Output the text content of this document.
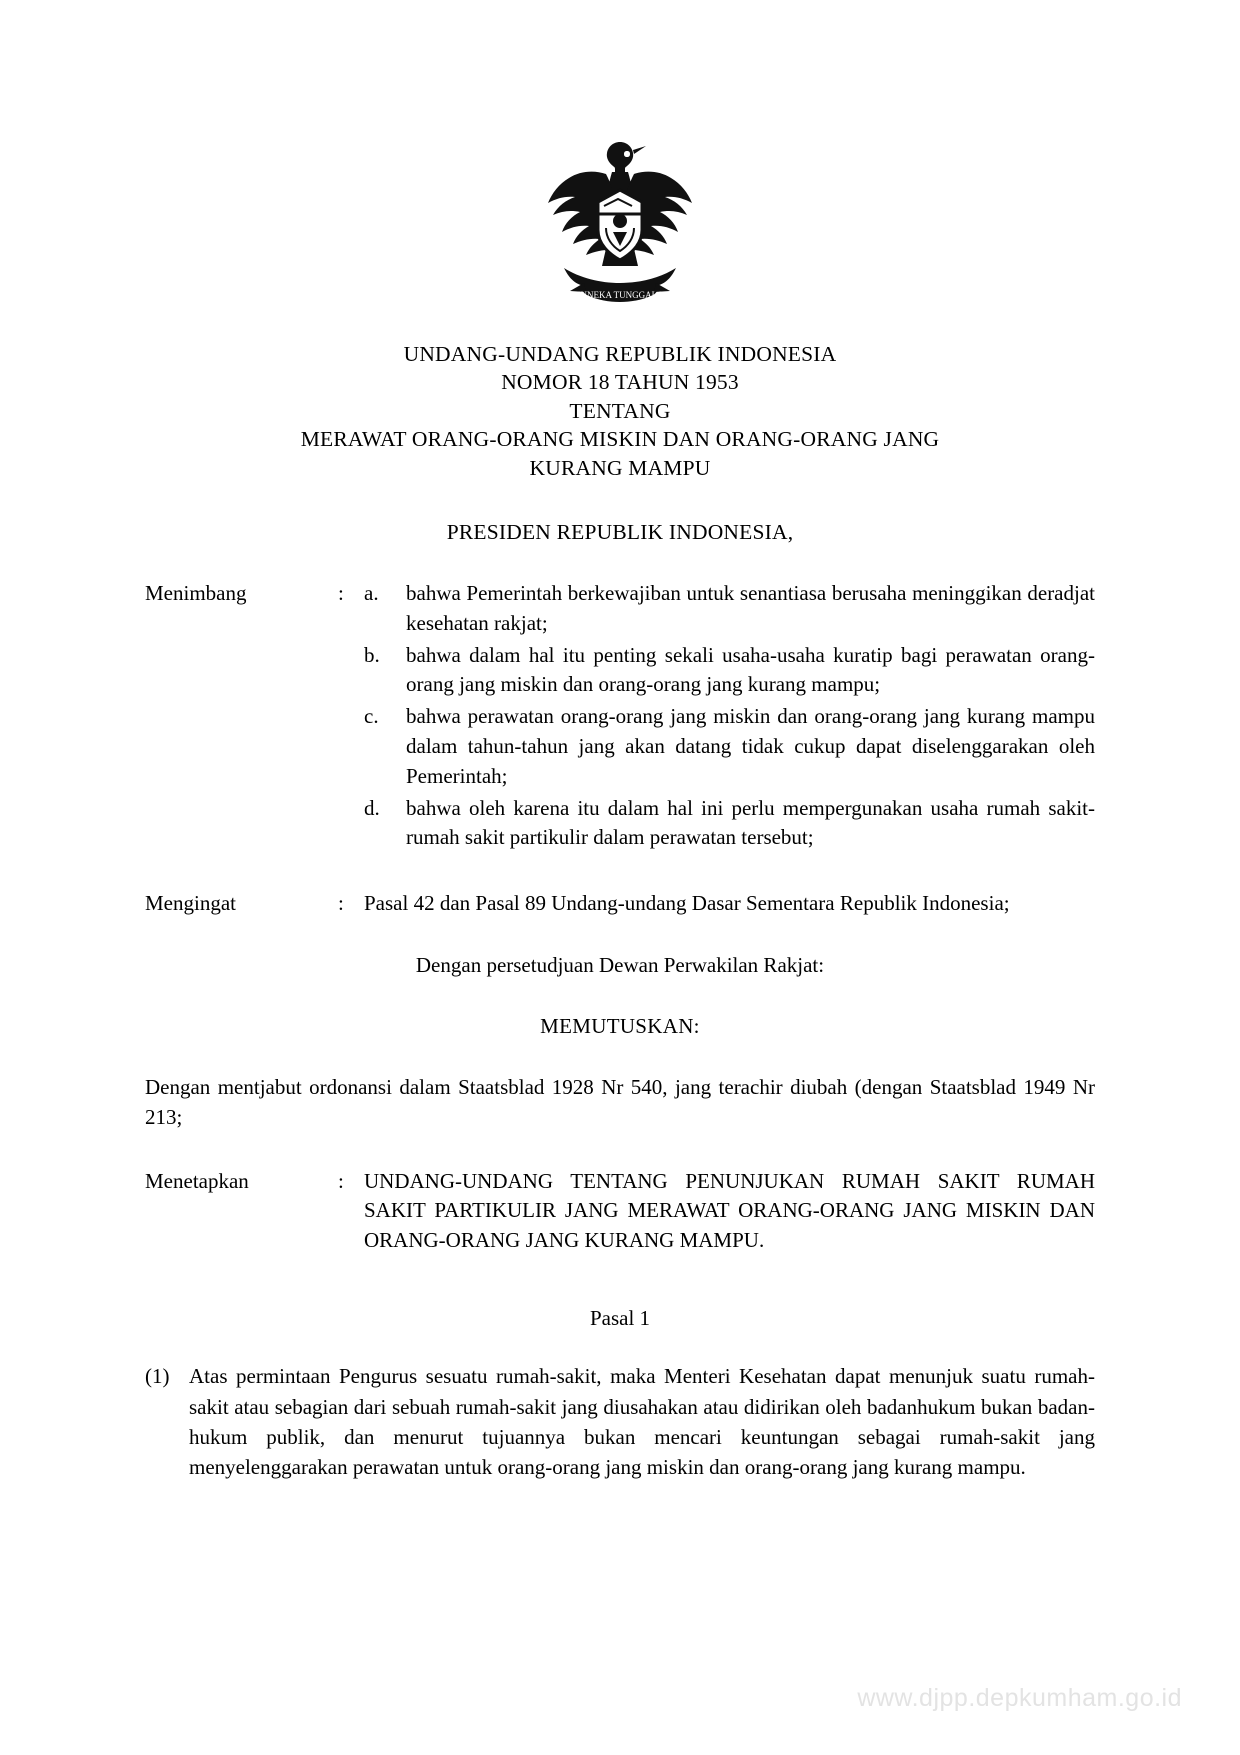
BHINNEKA TUNGGAL IKA
UNDANG-UNDANG REPUBLIK INDONESIA
NOMOR 18 TAHUN 1953
TENTANG
MERAWAT ORANG-ORANG MISKIN DAN ORANG-ORANG JANG
KURANG MAMPU
PRESIDEN REPUBLIK INDONESIA,
Menimbang	: a.	bahwa Pemerintah berkewajiban untuk senantiasa berusaha meninggikan deradjat kesehatan rakjat;
b.	bahwa dalam hal itu penting sekali usaha-usaha kuratip bagi perawatan orang-orang jang miskin dan orang-orang jang kurang mampu;
c.	bahwa perawatan orang-orang jang miskin dan orang-orang jang kurang mampu dalam tahun-tahun jang akan datang tidak cukup dapat diselenggarakan oleh Pemerintah;
d.	bahwa oleh karena itu dalam hal ini perlu mempergunakan usaha rumah sakit-rumah sakit partikulir dalam perawatan tersebut;
Mengingat	: Pasal 42 dan Pasal 89 Undang-undang Dasar Sementara Republik Indonesia;
Dengan persetudjuan Dewan Perwakilan Rakjat:
MEMUTUSKAN:
Dengan mentjabut ordonansi dalam Staatsblad 1928 Nr 540, jang terachir diubah (dengan Staatsblad 1949 Nr 213;
Menetapkan	: UNDANG-UNDANG TENTANG PENUNJUKAN RUMAH SAKIT RUMAH SAKIT PARTIKULIR JANG MERAWAT ORANG-ORANG JANG MISKIN DAN ORANG-ORANG JANG KURANG MAMPU.
Pasal 1
(1) Atas permintaan Pengurus sesuatu rumah-sakit, maka Menteri Kesehatan dapat menunjuk suatu rumah-sakit atau sebagian dari sebuah rumah-sakit jang diusahakan atau didirikan oleh badanhukum bukan badan-hukum publik, dan menurut tujuannya bukan mencari keuntungan sebagai rumah-sakit jang menyelenggarakan perawatan untuk orang-orang jang miskin dan orang-orang jang kurang mampu.
www.djpp.depkumham.go.id
